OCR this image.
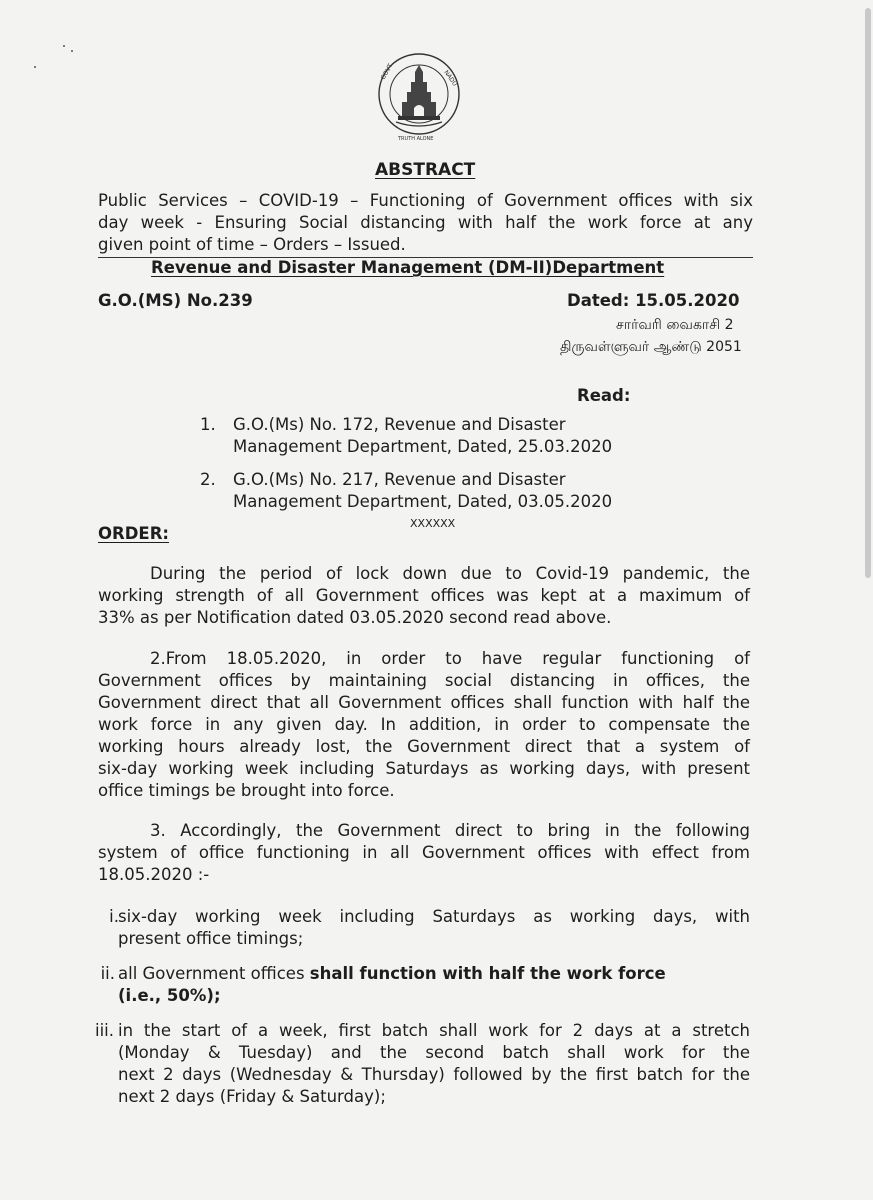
GOVT	NADU
TRUTH ALONE
ABSTRACT
Public Services – COVID-19 – Functioning of Government offices with six
day week - Ensuring Social distancing with half the work force at any
given point of time – Orders – Issued.
Revenue and Disaster Management (DM-II)Department
G.O.(MS) No.239	Dated: 15.05.2020
சார்வரி வைகாசி 2
திருவள்ளுவர் ஆண்டு 2051
Read:
1. G.O.(Ms) No. 172, Revenue and Disaster
Management Department, Dated, 25.03.2020
2. G.O.(Ms) No. 217, Revenue and Disaster
Management Department, Dated, 03.05.2020
XXXXXX
ORDER:
During the period of lock down due to Covid-19 pandemic, the
working strength of all Government offices was kept at a maximum of
33% as per Notification dated 03.05.2020 second read above.
2.From 18.05.2020, in order to have regular functioning of
Government offices by maintaining social distancing in offices, the
Government direct that all Government offices shall function with half the
work force in any given day. In addition, in order to compensate the
working hours already lost, the Government direct that a system of
six-day working week including Saturdays as working days, with present
office timings be brought into force.
3. Accordingly, the Government direct to bring in the following
system of office functioning in all Government offices with effect from
18.05.2020 :-
i. six-day working week including Saturdays as working days, with
present office timings;
ii. all Government offices shall function with half the work force
(i.e., 50%);
iii. in the start of a week, first batch shall work for 2 days at a stretch
(Monday & Tuesday) and the second batch shall work for the
next 2 days (Wednesday & Thursday) followed by the first batch for the
next 2 days (Friday & Saturday);
